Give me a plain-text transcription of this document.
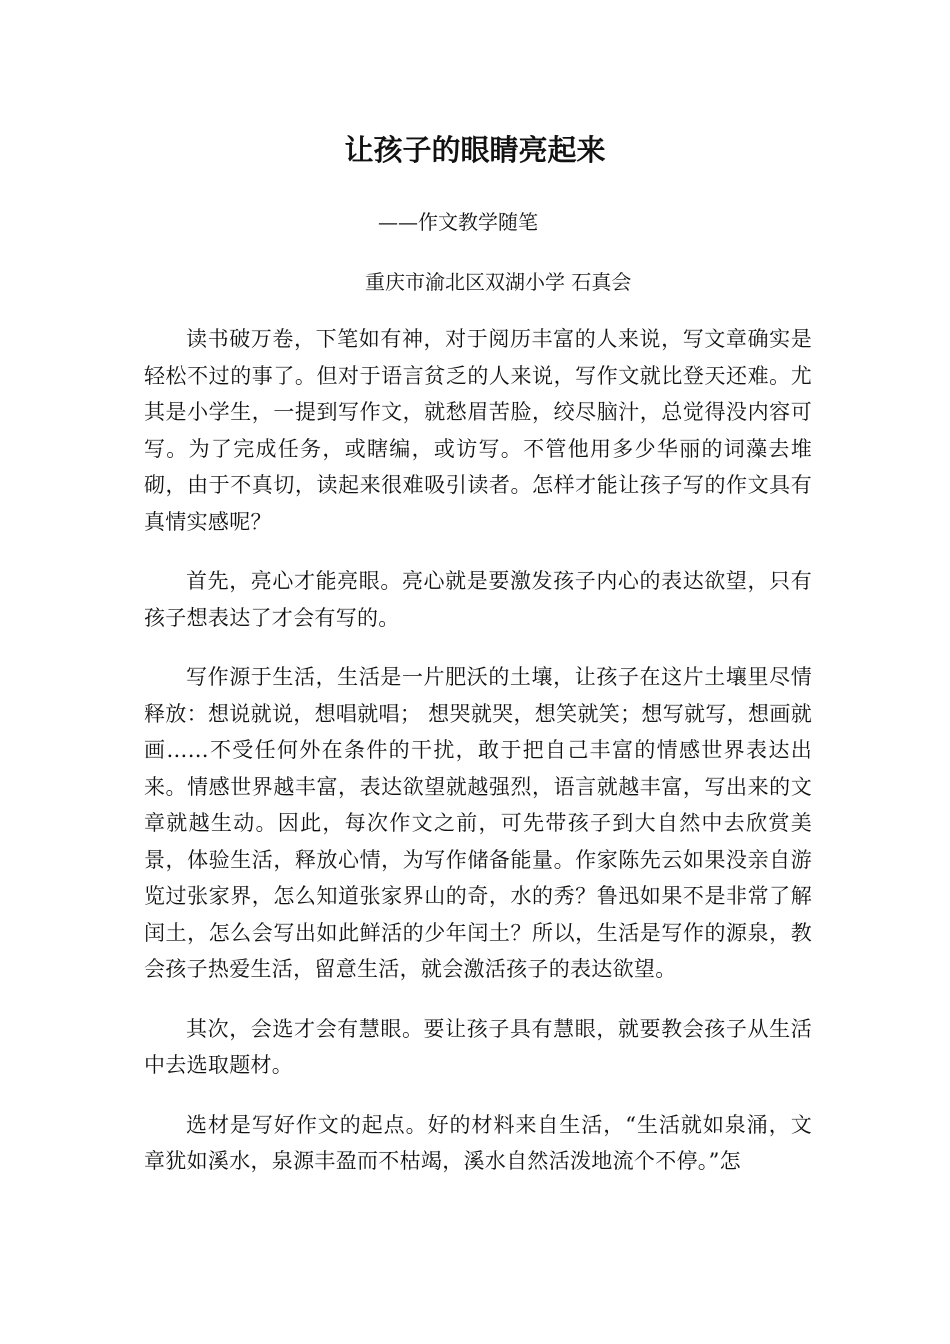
让孩子的眼睛亮起来

——作文教学随笔

重庆市渝北区双湖小学 石真会

读书破万卷，下笔如有神，对于阅历丰富的人来说，写文章确实是轻松不过的事了。但对于语言贫乏的人来说，写作文就比登天还难。尤其是小学生，一提到写作文，就愁眉苦脸，绞尽脑汁，总觉得没内容可写。为了完成任务，或瞎编，或访写。不管他用多少华丽的词藻去堆砌，由于不真切，读起来很难吸引读者。怎样才能让孩子写的作文具有真情实感呢？

首先，亮心才能亮眼。亮心就是要激发孩子内心的表达欲望，只有孩子想表达了才会有写的。

写作源于生活，生活是一片肥沃的土壤，让孩子在这片土壤里尽情释放：想说就说，想唱就唱； 想哭就哭，想笑就笑；想写就写，想画就画……不受任何外在条件的干扰，敢于把自己丰富的情感世界表达出来。情感世界越丰富，表达欲望就越强烈，语言就越丰富，写出来的文章就越生动。因此，每次作文之前，可先带孩子到大自然中去欣赏美景，体验生活，释放心情，为写作储备能量。作家陈先云如果没亲自游览过张家界，怎么知道张家界山的奇，水的秀？鲁迅如果不是非常了解闰土，怎么会写出如此鲜活的少年闰土？所以，生活是写作的源泉，教会孩子热爱生活，留意生活，就会激活孩子的表达欲望。

其次，会选才会有慧眼。要让孩子具有慧眼，就要教会孩子从生活中去选取题材。

选材是写好作文的起点。好的材料来自生活，“生活就如泉涌，文章犹如溪水，泉源丰盈而不枯竭，溪水自然活泼地流个不停。”怎
